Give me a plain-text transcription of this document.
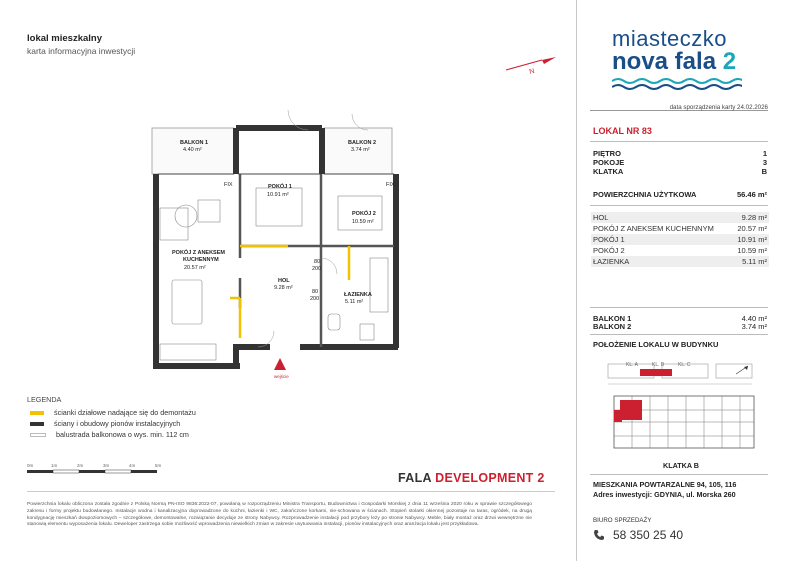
lokal mieszkalny
karta informacyjna inwestycji
N
miasteczko
nova fala 2
data sporządzenia karty 24.02.2026
LOKAL NR 83
PIĘTRO	1
POKOJE	3
KLATKA	B
POWIERZCHNIA UŻYTKOWA	56.46 m²
HOL	9.28 m²
POKÓJ Z ANEKSEM KUCHENNYM	20.57 m²
POKÓJ 1	10.91 m²
POKÓJ 2	10.59 m²
ŁAZIENKA	5.11 m²
BALKON 1	4.40 m²
BALKON 2	3.74 m²
POŁOŻENIE LOKALU W BUDYNKU
KL. A	KL. B	KL. C
KLATKA B
MIESZKANIA POWTARZALNE 94, 105, 116
Adres inwestycji: GDYNIA, ul. Morska 260
BIURO SPRZEDAŻY
58 350 25 40
BALKON 1
4.40 m²
BALKON 2
3.74 m²
POKÓJ 1
10.91 m²
POKÓJ 2
10.59 m²
POKÓJ Z ANEKSEM
KUCHENNYM
20.57 m²
HOL
9.28 m²
ŁAZIENKA
5.11 m²
FIX	FIX
80
200
80
200
wejście
LEGENDA
ścianki działowe nadające się do demontażu
ściany i obudowy pionów instalacyjnych
balustrada balkonowa o wys. min. 112 cm
0m	1m	2m	3m	4m	5m
FALA DEVELOPMENT 2
Powierzchnia lokalu obliczona została zgodnie z Polską Normą PN-ISO 9836:2022-07, powołaną w rozporządzeniu Ministra Transportu, Budownictwa i Gospodarki Morskiej z dnia 11 września 2020 roku w sprawie szczegółowego zakresu i formy projektu budowlanego. Instalacje wodna i kanalizacyjna doprowadzone do kuchni, łazienki i WC, zakończone korkami, nie-schowana w ścianach. Stopień stolarki okiennej pozostaje na taras, ogródek, na drugą kondygnację mieszkań dwupoziomowych – szczegółowe, demontowalne, rozwiązanie decyduje ze strony Nabywcy. Rozprowadzenie instalacji pod przybory leży po stronie Nabywcy. Meble, biały montaż oraz drzwi wewnętrzne nie stanowią elementu wyposażenia lokalu. Deweloper zastrzega sobie możliwość wprowadzenia niewielkich zmian w zakresie usytuowania instalacji, pionów instalacyjnych oraz aranżacja lokalu jest przykładowa.
